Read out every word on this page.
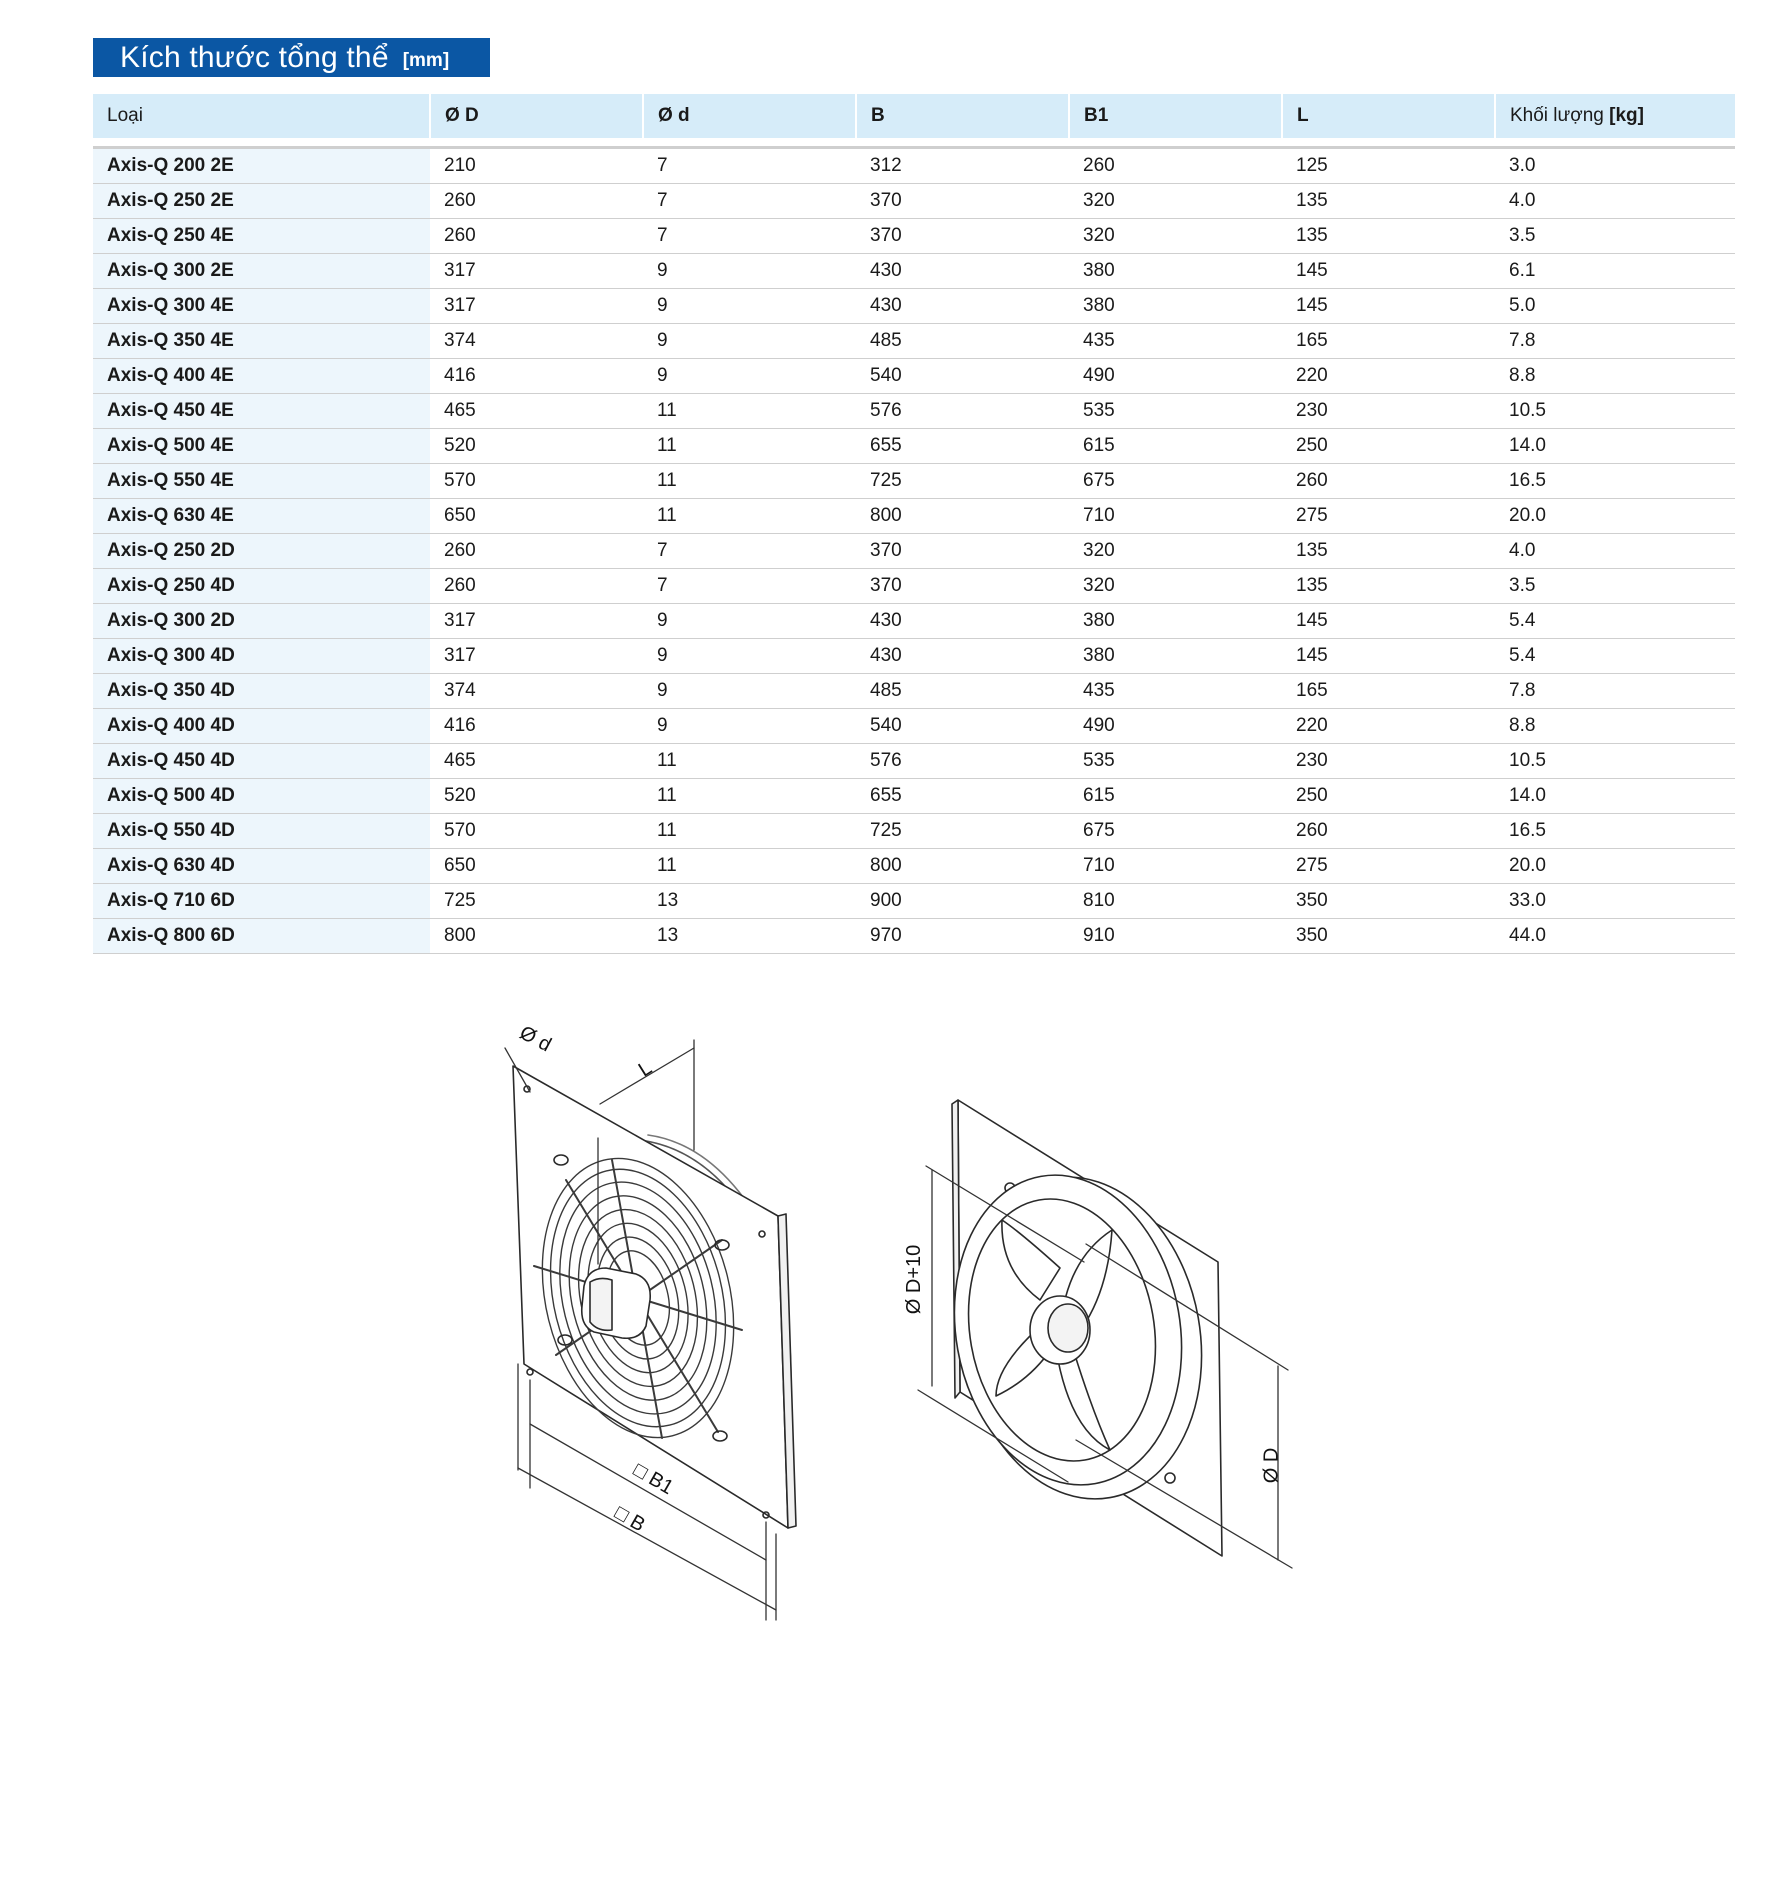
Kích thước tổng thể [mm]
Loại	Ø D	Ø d	B	B1	L	Khối lượng [kg]

Axis-Q 200 2E	210	7	312	260	125	3.0
Axis-Q 250 2E	260	7	370	320	135	4.0
Axis-Q 250 4E	260	7	370	320	135	3.5
Axis-Q 300 2E	317	9	430	380	145	6.1
Axis-Q 300 4E	317	9	430	380	145	5.0
Axis-Q 350 4E	374	9	485	435	165	7.8
Axis-Q 400 4E	416	9	540	490	220	8.8
Axis-Q 450 4E	465	11	576	535	230	10.5
Axis-Q 500 4E	520	11	655	615	250	14.0
Axis-Q 550 4E	570	11	725	675	260	16.5
Axis-Q 630 4E	650	11	800	710	275	20.0
Axis-Q 250 2D	260	7	370	320	135	4.0
Axis-Q 250 4D	260	7	370	320	135	3.5
Axis-Q 300 2D	317	9	430	380	145	5.4
Axis-Q 300 4D	317	9	430	380	145	5.4
Axis-Q 350 4D	374	9	485	435	165	7.8
Axis-Q 400 4D	416	9	540	490	220	8.8
Axis-Q 450 4D	465	11	576	535	230	10.5
Axis-Q 500 4D	520	11	655	615	250	14.0
Axis-Q 550 4D	570	11	725	675	260	16.5
Axis-Q 630 4D	650	11	800	710	275	20.0
Axis-Q 710 6D	725	13	900	810	350	33.0
Axis-Q 800 6D	800	13	970	910	350	44.0
Ø d
L
□ B1
□ B
Ø D+10
Ø D
